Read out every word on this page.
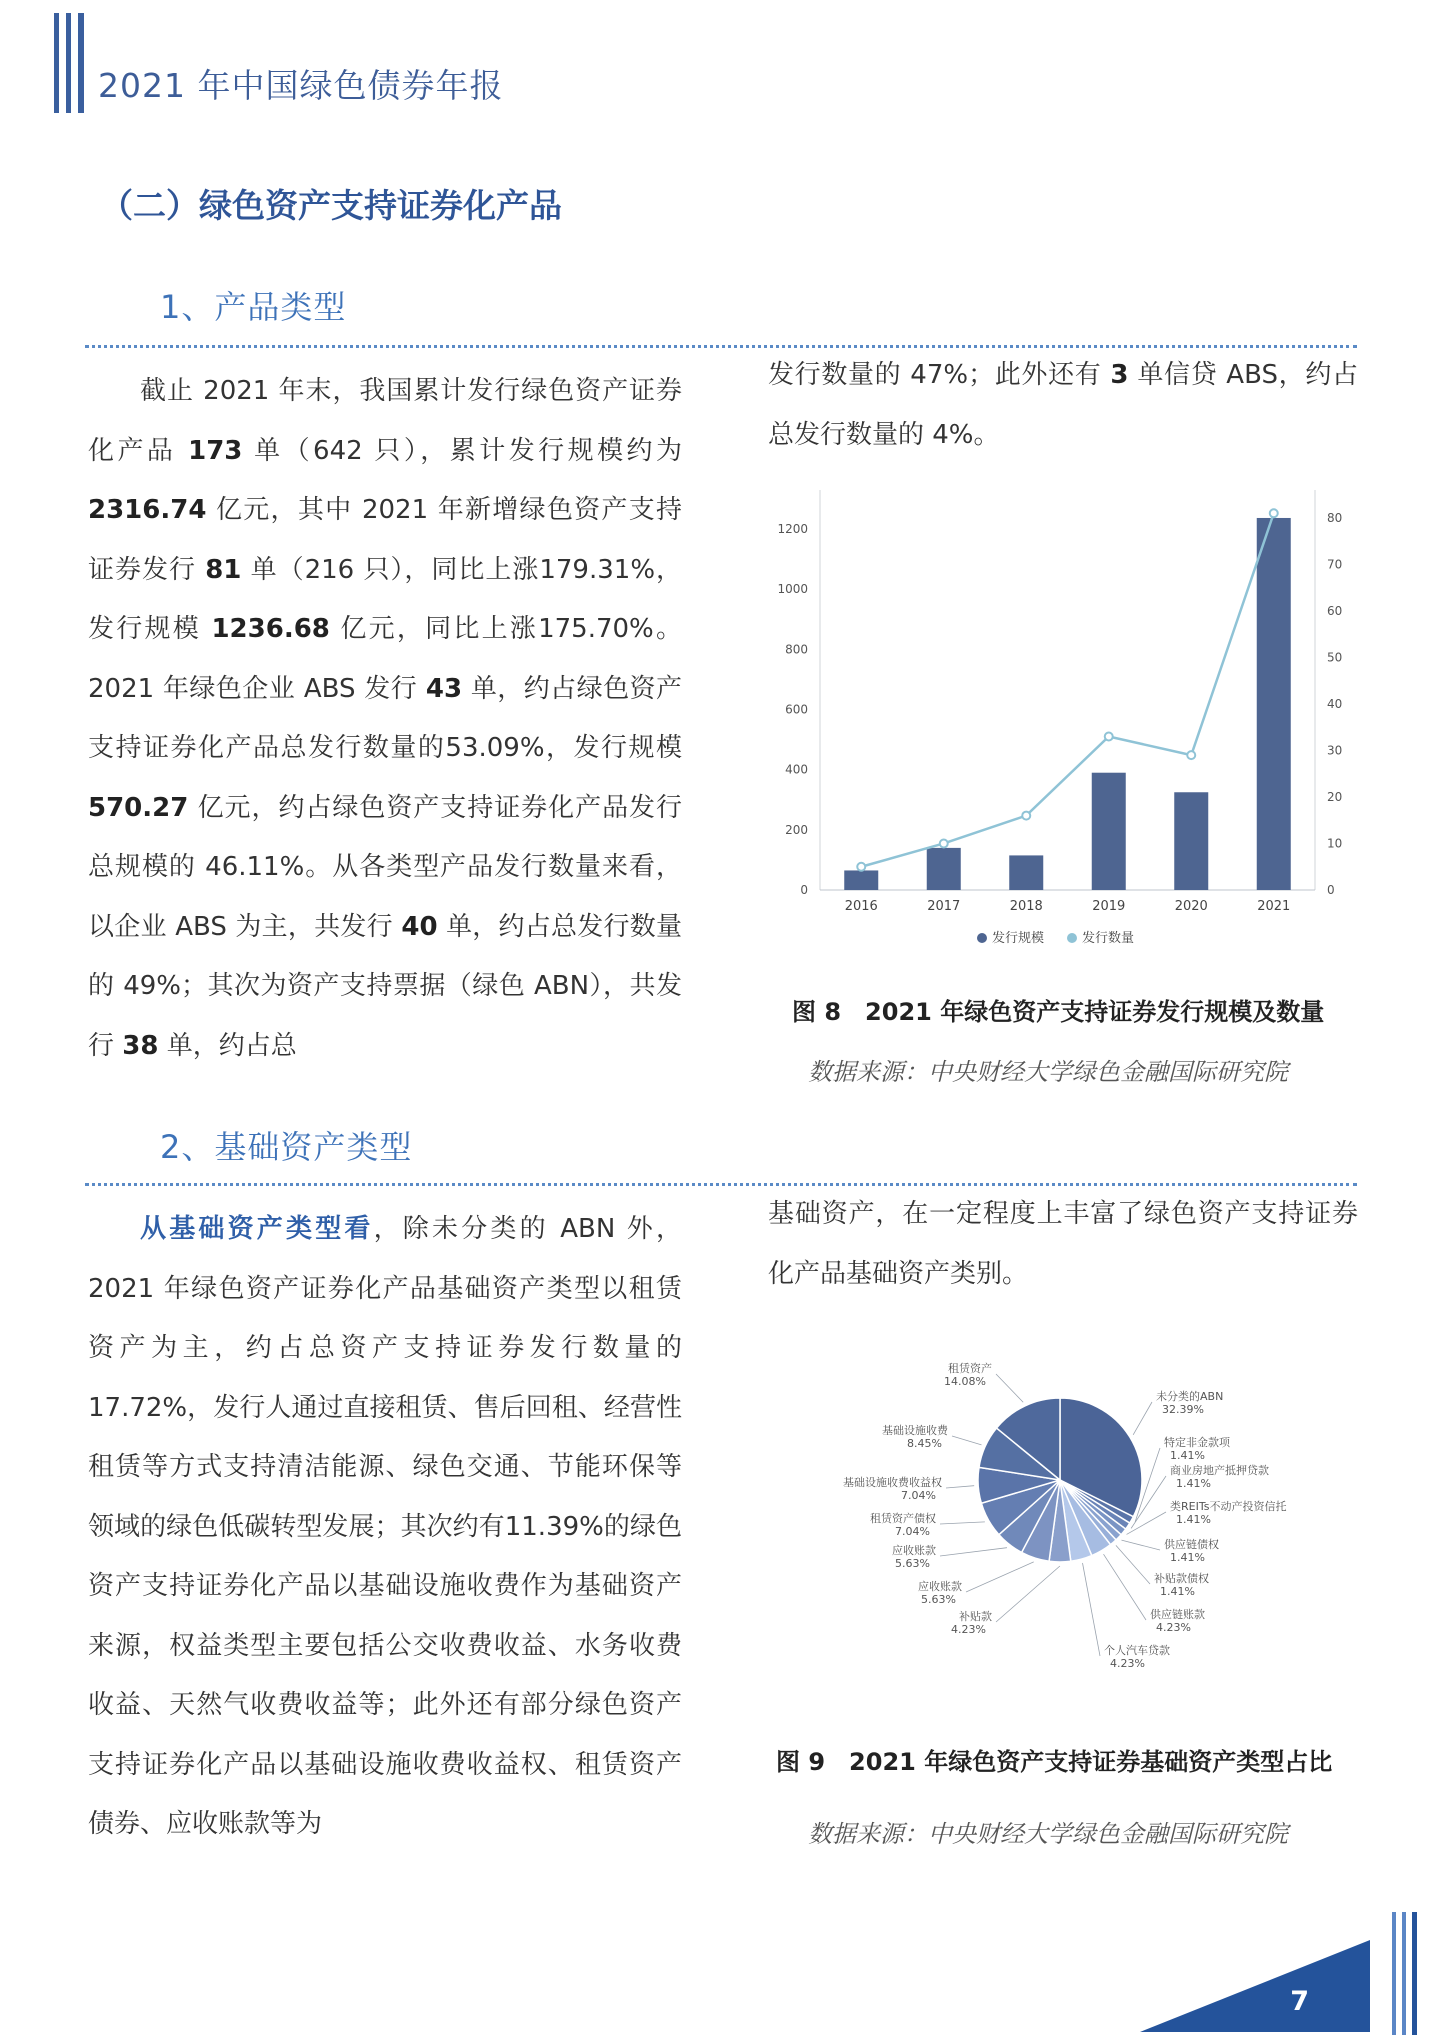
2021 年中国绿色债券年报
（二）绿色资产支持证券化产品
1、产品类型

截止 2021 年末，我国累计发行绿色资产证券化产品 173 单（642 只），累计发行规模约为 2316.74 亿元，其中 2021 年新增绿色资产支持证券发行 81 单（216 只），同比上涨179.31%，发行规模 1236.68 亿元，同比上涨175.70%。2021 年绿色企业 ABS 发行 43 单，约占绿色资产支持证券化产品总发行数量的53.09%，发行规模 570.27 亿元，约占绿色资产支持证券化产品发行总规模的 46.11%。从各类型产品发行数量来看，以企业 ABS 为主，共发行 40 单，约占总发行数量的 49%；其次为资产支持票据（绿色 ABN），共发行 38 单，约占总

发行数量的 47%；此外还有 3 单信贷 ABS，约占总发行数量的 4%。

0
200
400
600
800
1000
1200
0
10
20
30
40
50
60
70
80
2016	2017	2018	2019	2020	2021
发行规模	发行数量
图 8　2021 年绿色资产支持证券发行规模及数量
数据来源：中央财经大学绿色金融国际研究院
2、基础资产类型

从基础资产类型看，除未分类的 ABN 外，2021 年绿色资产证券化产品基础资产类型以租赁资产为主，约占总资产支持证券发行数量的 17.72%，发行人通过直接租赁、售后回租、经营性租赁等方式支持清洁能源、绿色交通、节能环保等领域的绿色低碳转型发展；其次约有11.39%的绿色资产支持证券化产品以基础设施收费作为基础资产来源，权益类型主要包括公交收费收益、水务收费收益、天然气收费收益等；此外还有部分绿色资产支持证券化产品以基础设施收费收益权、租赁资产债券、应收账款等为

基础资产，在一定程度上丰富了绿色资产支持证券化产品基础资产类别。

未分类的ABN
32.39%
特定非金款项
1.41%
商业房地产抵押贷款
1.41%
类REITs不动产投资信托
1.41%
供应链债权
1.41%
补贴款债权
1.41%
供应链账款
4.23%
个人汽车贷款
4.23%
补贴款
4.23%
应收账款
5.63%
应收账款
5.63%
租赁资产债权
7.04%
基础设施收费收益权
7.04%
基础设施收费
8.45%
租赁资产
14.08%
图 9　2021 年绿色资产支持证券基础资产类型占比
数据来源：中央财经大学绿色金融国际研究院
7
